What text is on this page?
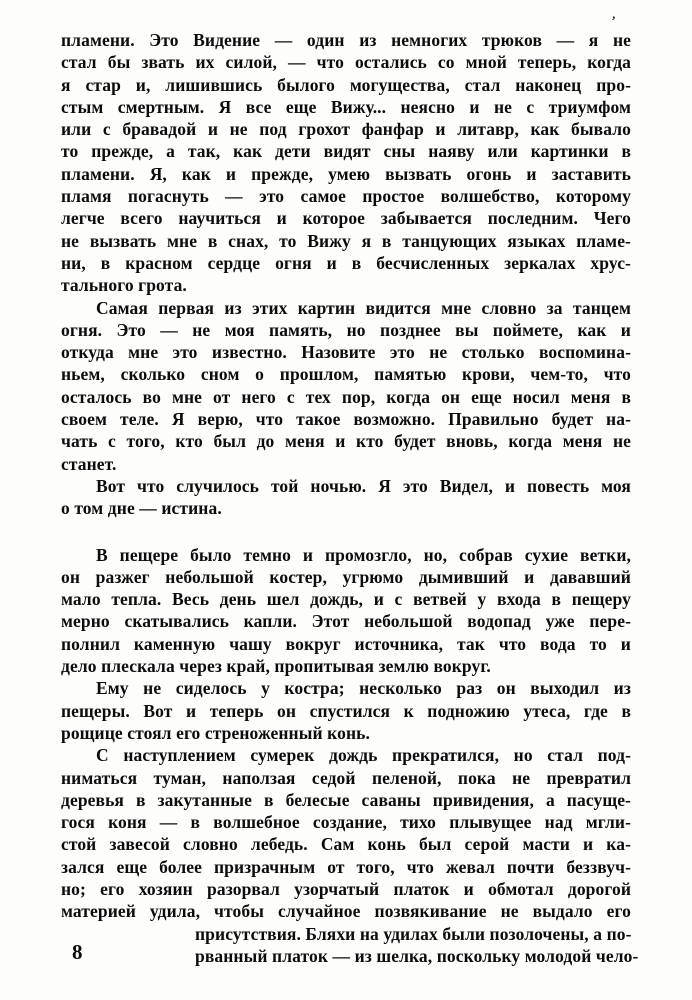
’
пламени. Это Видение — один из немногих трюков — я не
стал бы звать их силой, — что остались со мной теперь, когда
я стар и, лишившись былого могущества, стал наконец про-
стым смертным. Я все еще Вижу... неясно и не с триумфом
или с бравадой и не под грохот фанфар и литавр, как бывало
то прежде, а так, как дети видят сны наяву или картинки в
пламени. Я, как и прежде, умею вызвать огонь и заставить
пламя погаснуть — это самое простое волшебство, которому
легче всего научиться и которое забывается последним. Чего
не вызвать мне в снах, то Вижу я в танцующих языках пламе-
ни, в красном сердце огня и в бесчисленных зеркалах хрус-
тального грота.
Самая первая из этих картин видится мне словно за танцем
огня. Это — не моя память, но позднее вы поймете, как и
откуда мне это известно. Назовите это не столько воспомина-
ньем, сколько сном о прошлом, памятью крови, чем-то, что
осталось во мне от него с тех пор, когда он еще носил меня в
своем теле. Я верю, что такое возможно. Правильно будет на-
чать с того, кто был до меня и кто будет вновь, когда меня не
станет.
Вот что случилось той ночью. Я это Видел, и повесть моя
о том дне — истина.
В пещере было темно и промозгло, но, собрав сухие ветки,
он разжег небольшой костер, угрюмо дымивший и дававший
мало тепла. Весь день шел дождь, и с ветвей у входа в пещеру
мерно скатывались капли. Этот небольшой водопад уже пере-
полнил каменную чашу вокруг источника, так что вода то и
дело плескала через край, пропитывая землю вокруг.
Ему не сиделось у костра; несколько раз он выходил из
пещеры. Вот и теперь он спустился к подножию утеса, где в
рощице стоял его стреноженный конь.
С наступлением сумерек дождь прекратился, но стал под-
ниматься туман, наползая седой пеленой, пока не превратил
деревья в закутанные в белесые саваны привидения, а пасуще-
гося коня — в волшебное создание, тихо плывущее над мгли-
стой завесой словно лебедь. Сам конь был серой масти и ка-
зался еще более призрачным от того, что жевал почти беззвуч-
но; его хозяин разорвал узорчатый платок и обмотал дорогой
материей удила, чтобы случайное позвякивание не выдало его
присутствия. Бляхи на удилах были позолочены, а по-
рванный платок — из шелка, поскольку молодой чело-
8
